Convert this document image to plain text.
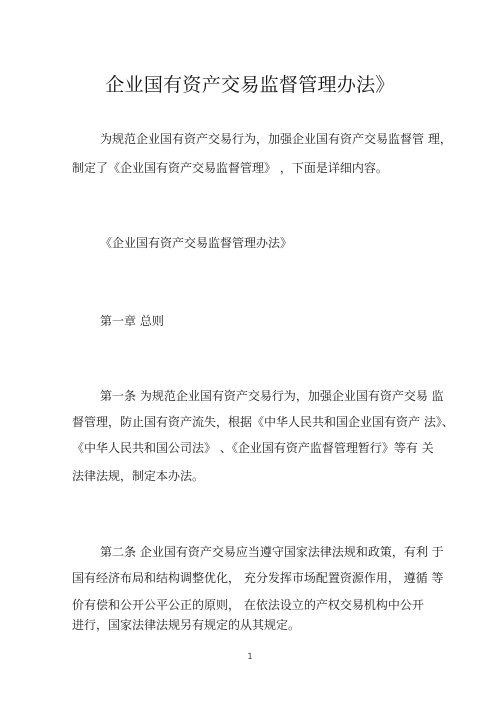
企业国有资产交易监督管理办法》
为规范企业国有资产交易行为，加强企业国有资产交易监督管 理，
制定了《企业国有资产交易监督管理》 ，下面是详细内容。
《企业国有资产交易监督管理办法》
第一章 总则
第一条 为规范企业国有资产交易行为，加强企业国有资产交易 监
督管理，防止国有资产流失，根据《中华人民共和国企业国有资产 法》、
《中华人民共和国公司法》 、《企业国有资产监督管理暂行》等有 关
法律法规，制定本办法。
第二条 企业国有资产交易应当遵守国家法律法规和政策，有利 于
国有经济布局和结构调整优化， 充分发挥市场配置资源作用， 遵循 等
价有偿和公开公平公正的原则， 在依法设立的产权交易机构中公开
进行，国家法律法规另有规定的从其规定。
1
